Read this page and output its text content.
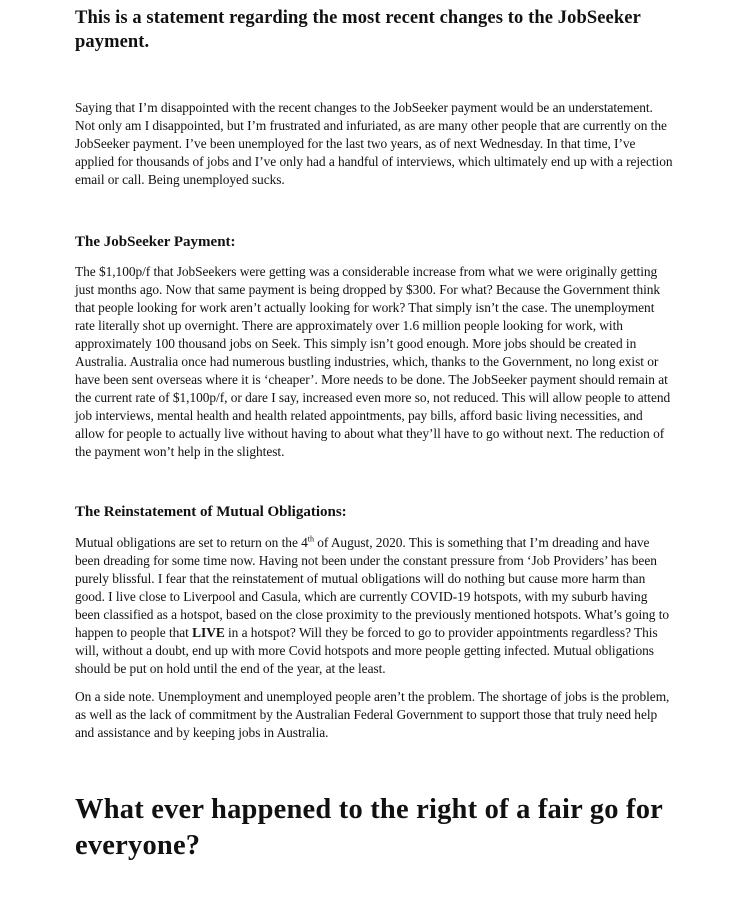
This is a statement regarding the most recent changes to the JobSeeker payment.

Saying that I’m disappointed with the recent changes to the JobSeeker payment would be an understatement. Not only am I disappointed, but I’m frustrated and infuriated, as are many other people that are currently on the JobSeeker payment. I’ve been unemployed for the last two years, as of next Wednesday. In that time, I’ve applied for thousands of jobs and I’ve only had a handful of interviews, which ultimately end up with a rejection email or call. Being unemployed sucks.

The JobSeeker Payment:

The $1,100p/f that JobSeekers were getting was a considerable increase from what we were originally getting just months ago. Now that same payment is being dropped by $300. For what? Because the Government think that people looking for work aren’t actually looking for work? That simply isn’t the case. The unemployment rate literally shot up overnight. There are approximately over 1.6 million people looking for work, with approximately 100 thousand jobs on Seek. This simply isn’t good enough. More jobs should be created in Australia. Australia once had numerous bustling industries, which, thanks to the Government, no long exist or have been sent overseas where it is ‘cheaper’. More needs to be done. The JobSeeker payment should remain at the current rate of $1,100p/f, or dare I say, increased even more so, not reduced. This will allow people to attend job interviews, mental health and health related appointments, pay bills, afford basic living necessities, and allow for people to actually live without having to about what they’ll have to go without next. The reduction of the payment won’t help in the slightest.

The Reinstatement of Mutual Obligations:

Mutual obligations are set to return on the 4th of August, 2020. This is something that I’m dreading and have been dreading for some time now. Having not been under the constant pressure from ‘Job Providers’ has been purely blissful. I fear that the reinstatement of mutual obligations will do nothing but cause more harm than good. I live close to Liverpool and Casula, which are currently COVID-19 hotspots, with my suburb having been classified as a hotspot, based on the close proximity to the previously mentioned hotspots. What’s going to happen to people that LIVE in a hotspot? Will they be forced to go to provider appointments regardless? This will, without a doubt, end up with more Covid hotspots and more people getting infected. Mutual obligations should be put on hold until the end of the year, at the least.

On a side note. Unemployment and unemployed people aren’t the problem. The shortage of jobs is the problem, as well as the lack of commitment by the Australian Federal Government to support those that truly need help and assistance and by keeping jobs in Australia.

What ever happened to the right of a fair go for everyone?
